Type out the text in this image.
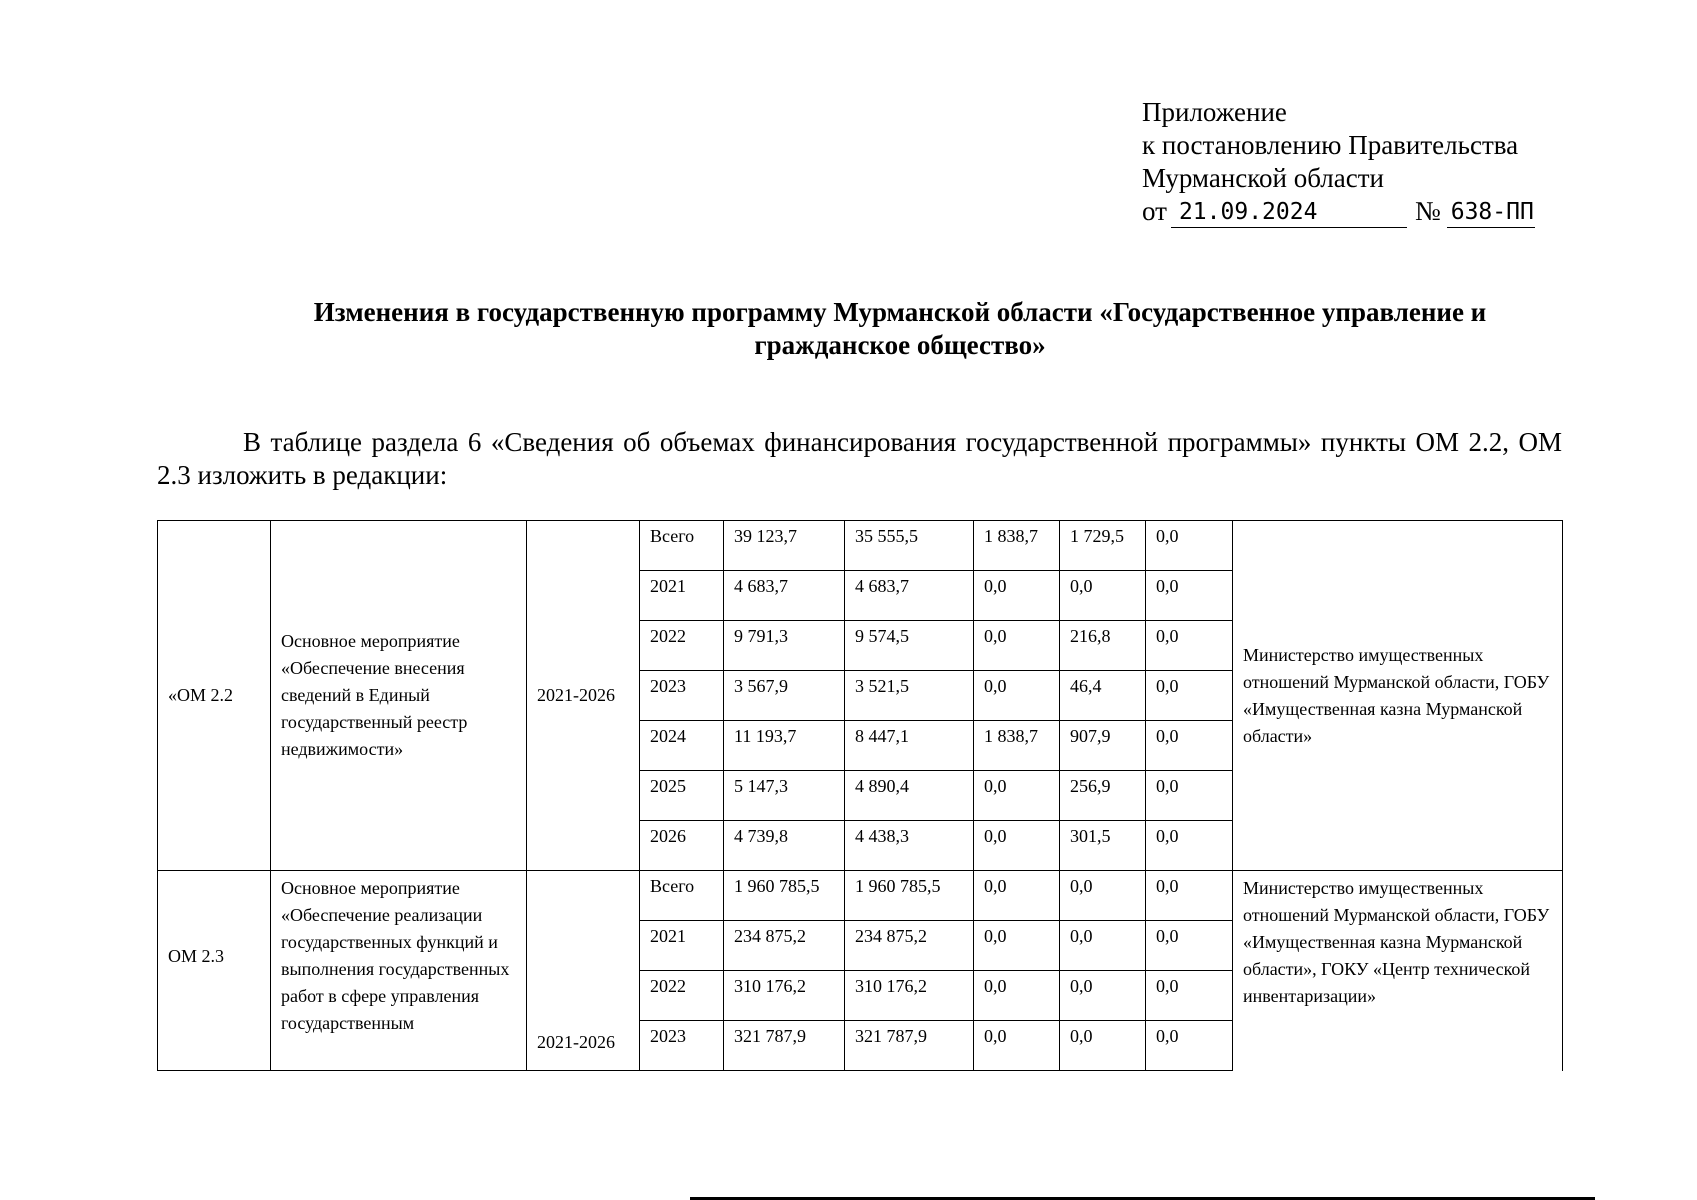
Приложение
к постановлению Правительства
Мурманской области
от 21.09.2024	№ 638-ПП
Изменения в государственную программу Мурманской области «Государственное управление и гражданское общество»
В таблице раздела 6 «Сведения об объемах финансирования государственной программы» пункты ОМ 2.2, ОМ 2.3 изложить в редакции:
«ОМ 2.2	Основное мероприятие «Обеспечение внесения сведений в Единый государственный реестр недвижимости»	2021-2026	Всего	39 123,7	35 555,5	1 838,7	1 729,5	0,0	Министерство имущественных отношений Мурманской области, ГОБУ «Имущественная казна Мурманской области»
			2021	4 683,7	4 683,7	0,0	0,0	0,0	
			2022	9 791,3	9 574,5	0,0	216,8	0,0	
			2023	3 567,9	3 521,5	0,0	46,4	0,0	
			2024	11 193,7	8 447,1	1 838,7	907,9	0,0	
			2025	5 147,3	4 890,4	0,0	256,9	0,0	
			2026	4 739,8	4 438,3	0,0	301,5	0,0	
ОМ 2.3	Основное мероприятие «Обеспечение реализации государственных функций и выполнения государственных работ в сфере управления государственным	2021-2026	Всего	1 960 785,5	1 960 785,5	0,0	0,0	0,0	Министерство имущественных отношений Мурманской области, ГОБУ «Имущественная казна Мурманской области», ГОКУ «Центр технической инвентаризации»
			2021	234 875,2	234 875,2	0,0	0,0	0,0	
			2022	310 176,2	310 176,2	0,0	0,0	0,0	
			2023	321 787,9	321 787,9	0,0	0,0	0,0	
